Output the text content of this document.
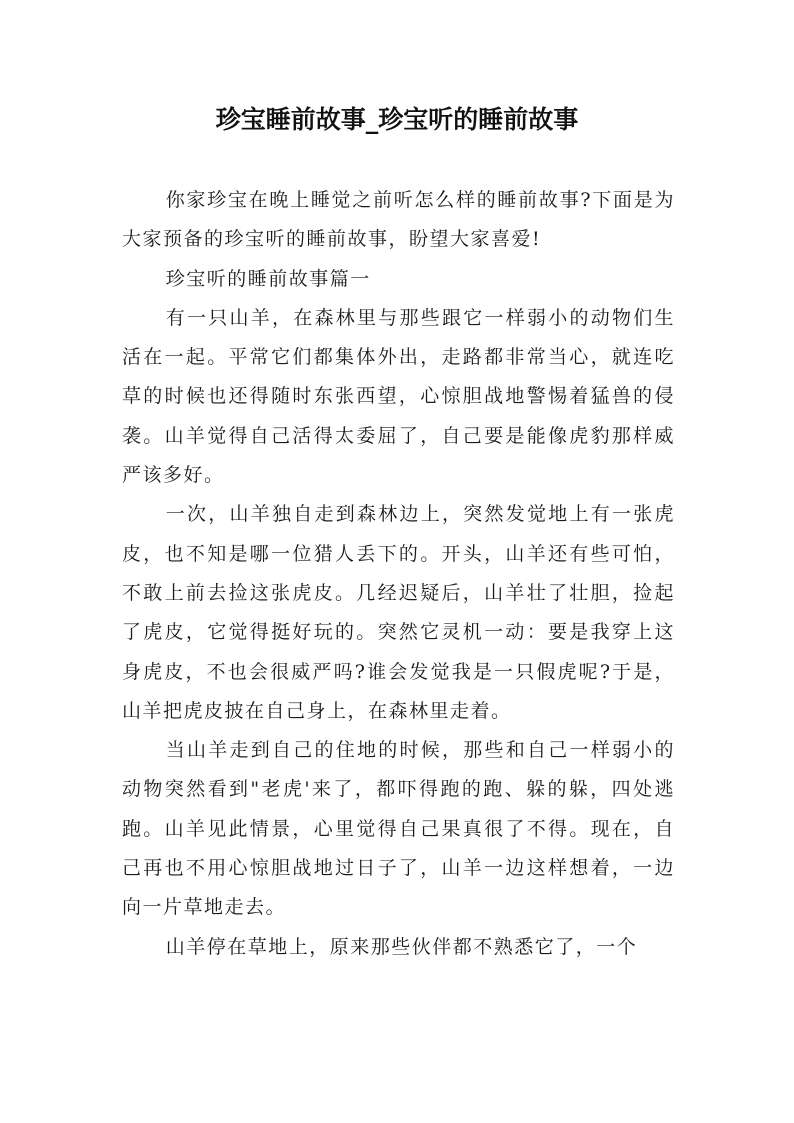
珍宝睡前故事_珍宝听的睡前故事

你家珍宝在晚上睡觉之前听怎么样的睡前故事?下面是为大家预备的珍宝听的睡前故事，盼望大家喜爱!

珍宝听的睡前故事篇一

有一只山羊，在森林里与那些跟它一样弱小的动物们生活在一起。平常它们都集体外出，走路都非常当心，就连吃草的时候也还得随时东张西望，心惊胆战地警惕着猛兽的侵袭。山羊觉得自己活得太委屈了，自己要是能像虎豹那样威严该多好。

一次，山羊独自走到森林边上，突然发觉地上有一张虎皮，也不知是哪一位猎人丢下的。开头，山羊还有些可怕，不敢上前去捡这张虎皮。几经迟疑后，山羊壮了壮胆，捡起了虎皮，它觉得挺好玩的。突然它灵机一动：要是我穿上这身虎皮，不也会很威严吗?谁会发觉我是一只假虎呢?于是，山羊把虎皮披在自己身上，在森林里走着。

当山羊走到自己的住地的时候，那些和自己一样弱小的动物突然看到"老虎'来了，都吓得跑的跑、躲的躲，四处逃跑。山羊见此情景，心里觉得自己果真很了不得。现在，自己再也不用心惊胆战地过日子了，山羊一边这样想着，一边向一片草地走去。

山羊停在草地上，原来那些伙伴都不熟悉它了，一个
